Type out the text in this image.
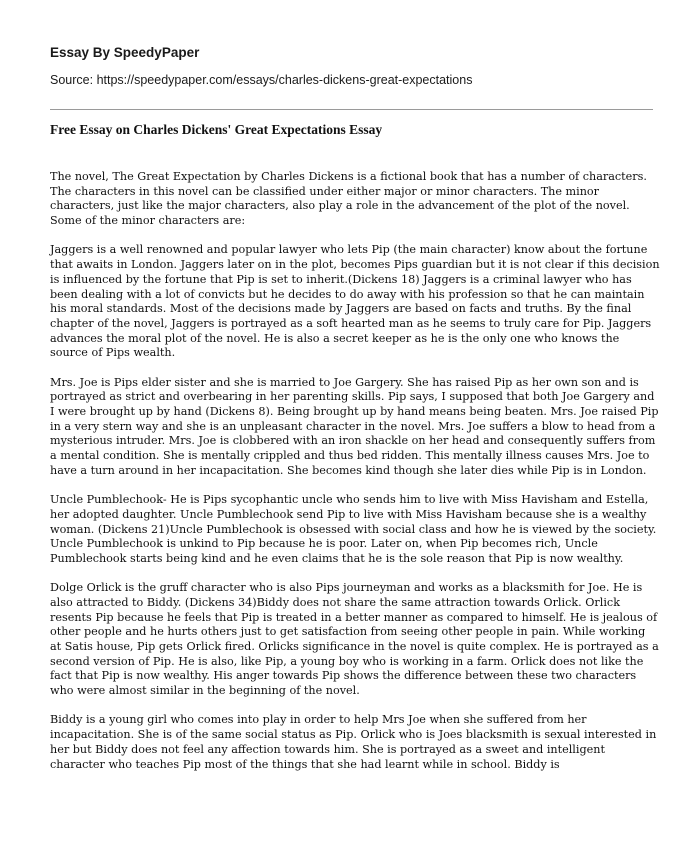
Essay By SpeedyPaper
Source: https://speedypaper.com/essays/charles-dickens-great-expectations
Free Essay on Charles Dickens' Great Expectations Essay

The novel, The Great Expectation by Charles Dickens is a fictional book that has a number of characters. The characters in this novel can be classified under either major or minor characters. The minor characters, just like the major characters, also play a role in the advancement of the plot of the novel. Some of the minor characters are:

Jaggers is a well renowned and popular lawyer who lets Pip (the main character) know about the fortune that awaits in London. Jaggers later on in the plot, becomes Pips guardian but it is not clear if this decision is influenced by the fortune that Pip is set to inherit.(Dickens 18) Jaggers is a criminal lawyer who has been dealing with a lot of convicts but he decides to do away with his profession so that he can maintain his moral standards. Most of the decisions made by Jaggers are based on facts and truths. By the final chapter of the novel, Jaggers is portrayed as a soft hearted man as he seems to truly care for Pip. Jaggers advances the moral plot of the novel. He is also a secret keeper as he is the only one who knows the source of Pips wealth.

Mrs. Joe is Pips elder sister and she is married to Joe Gargery. She has raised Pip as her own son and is portrayed as strict and overbearing in her parenting skills. Pip says, I supposed that both Joe Gargery and I were brought up by hand (Dickens 8). Being brought up by hand means being beaten. Mrs. Joe raised Pip in a very stern way and she is an unpleasant character in the novel. Mrs. Joe suffers a blow to head from a mysterious intruder. Mrs. Joe is clobbered with an iron shackle on her head and consequently suffers from a mental condition. She is mentally crippled and thus bed ridden. This mentally illness causes Mrs. Joe to have a turn around in her incapacitation. She becomes kind though she later dies while Pip is in London.

Uncle Pumblechook- He is Pips sycophantic uncle who sends him to live with Miss Havisham and Estella, her adopted daughter. Uncle Pumblechook send Pip to live with Miss Havisham because she is a wealthy woman. (Dickens 21)Uncle Pumblechook is obsessed with social class and how he is viewed by the society. Uncle Pumblechook is unkind to Pip because he is poor. Later on, when Pip becomes rich, Uncle Pumblechook starts being kind and he even claims that he is the sole reason that Pip is now wealthy.

Dolge Orlick is the gruff character who is also Pips journeyman and works as a blacksmith for Joe. He is also attracted to Biddy. (Dickens 34)Biddy does not share the same attraction towards Orlick. Orlick resents Pip because he feels that Pip is treated in a better manner as compared to himself. He is jealous of other people and he hurts others just to get satisfaction from seeing other people in pain. While working at Satis house, Pip gets Orlick fired. Orlicks significance in the novel is quite complex. He is portrayed as a second version of Pip. He is also, like Pip, a young boy who is working in a farm. Orlick does not like the fact that Pip is now wealthy. His anger towards Pip shows the difference between these two characters who were almost similar in the beginning of the novel.

Biddy is a young girl who comes into play in order to help Mrs Joe when she suffered from her incapacitation. She is of the same social status as Pip. Orlick who is Joes blacksmith is sexual interested in her but Biddy does not feel any affection towards him. She is portrayed as a sweet and intelligent character who teaches Pip most of the things that she had learnt while in school. Biddy is
